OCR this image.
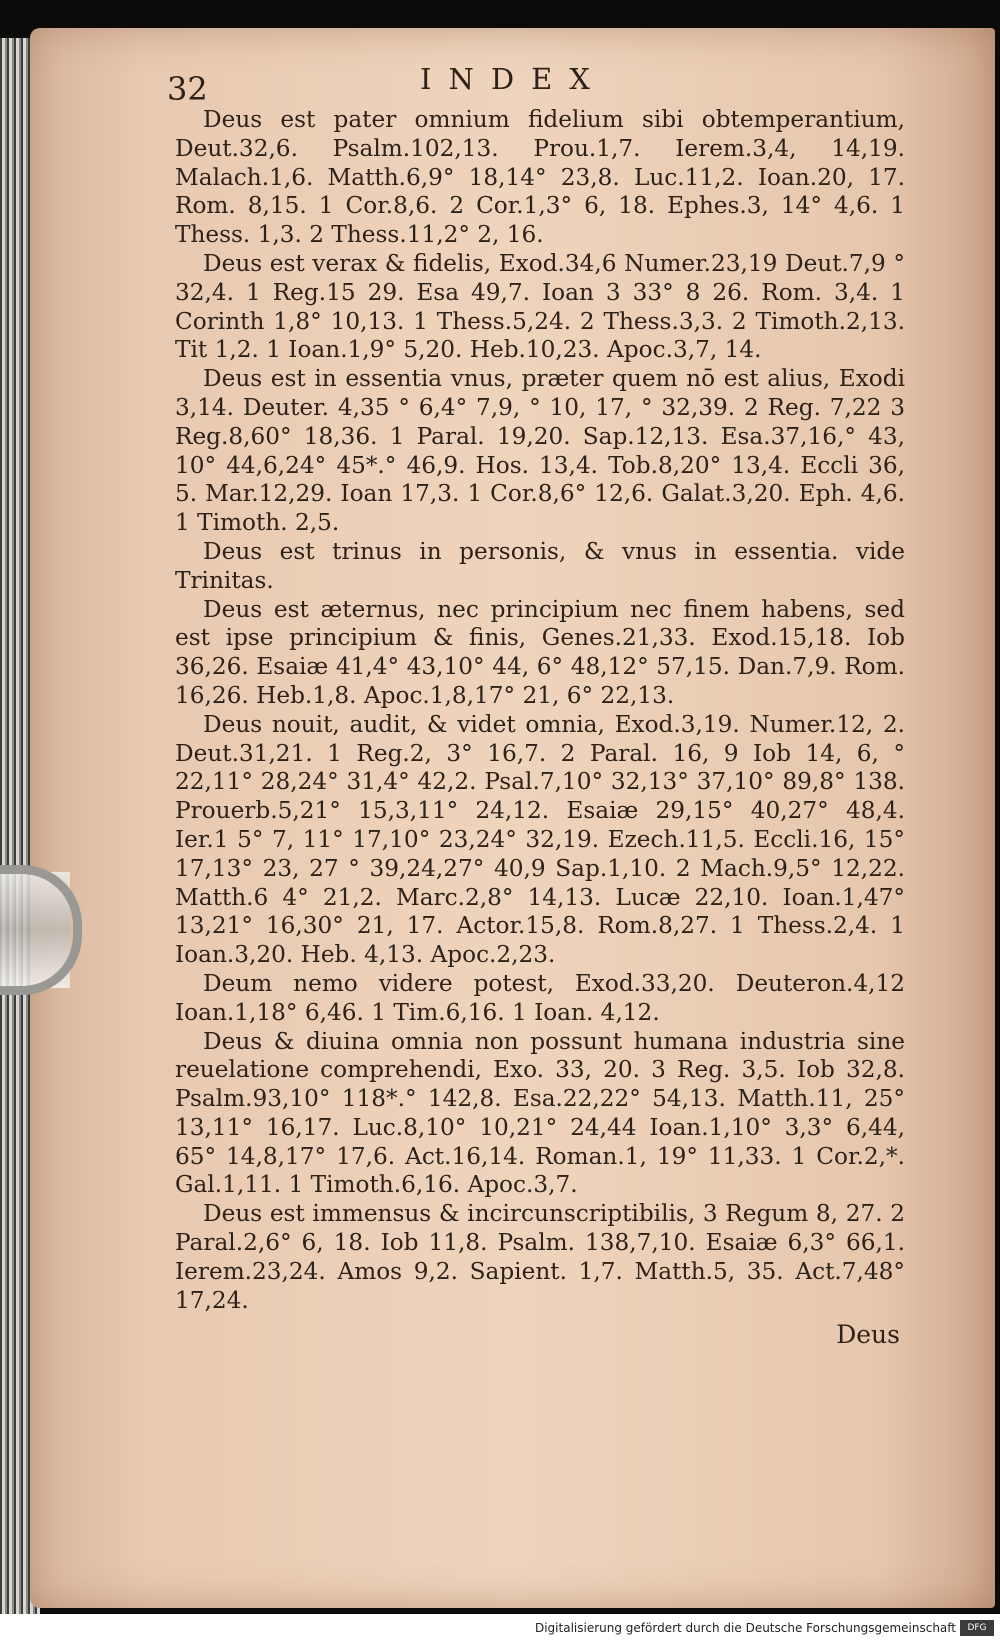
32	INDEX

Deus est pater omnium fidelium sibi obtemperantium, Deut.32,6. Psalm.102,13. Prou.1,7. Ierem.3,4, 14,19. Malach.1,6. Matth.6,9° 18,14° 23,8. Luc.11,2. Ioan.20, 17. Rom. 8,15. 1 Cor.8,6. 2 Cor.1,3° 6, 18. Ephes.3, 14° 4,6. 1 Thess. 1,3. 2 Thess.11,2° 2, 16.

Deus est verax & fidelis, Exod.34,6 Numer.23,19 Deut.7,9 ° 32,4. 1 Reg.15 29. Esa 49,7. Ioan 3 33° 8 26. Rom. 3,4. 1 Corinth 1,8° 10,13. 1 Thess.5,24. 2 Thess.3,3. 2 Timoth.2,13. Tit 1,2. 1 Ioan.1,9° 5,20. Heb.10,23. Apoc.3,7, 14.

Deus est in essentia vnus, præter quem nō est alius, Exodi 3,14. Deuter. 4,35 ° 6,4° 7,9, ° 10, 17, ° 32,39. 2 Reg. 7,22 3 Reg.8,60° 18,36. 1 Paral. 19,20. Sap.12,13. Esa.37,16,° 43, 10° 44,6,24° 45*.° 46,9. Hos. 13,4. Tob.8,20° 13,4. Eccli 36, 5. Mar.12,29. Ioan 17,3. 1 Cor.8,6° 12,6. Galat.3,20. Eph. 4,6. 1 Timoth. 2,5.

Deus est trinus in personis, & vnus in essentia. vide Trinitas.

Deus est æternus, nec principium nec finem habens, sed est ipse principium & finis, Genes.21,33. Exod.15,18. Iob 36,26. Esaiæ 41,4° 43,10° 44, 6° 48,12° 57,15. Dan.7,9. Rom. 16,26. Heb.1,8. Apoc.1,8,17° 21, 6° 22,13.

Deus nouit, audit, & videt omnia, Exod.3,19. Numer.12, 2. Deut.31,21. 1 Reg.2, 3° 16,7. 2 Paral. 16, 9 Iob 14, 6, ° 22,11° 28,24° 31,4° 42,2. Psal.7,10° 32,13° 37,10° 89,8° 138. Prouerb.5,21° 15,3,11° 24,12. Esaiæ 29,15° 40,27° 48,4. Ier.1 5° 7, 11° 17,10° 23,24° 32,19. Ezech.11,5. Eccli.16, 15° 17,13° 23, 27 ° 39,24,27° 40,9 Sap.1,10. 2 Mach.9,5° 12,22. Matth.6 4° 21,2. Marc.2,8° 14,13. Lucæ 22,10. Ioan.1,47° 13,21° 16,30° 21, 17. Actor.15,8. Rom.8,27. 1 Thess.2,4. 1 Ioan.3,20. Heb. 4,13. Apoc.2,23.

Deum nemo videre potest, Exod.33,20. Deuteron.4,12 Ioan.1,18° 6,46. 1 Tim.6,16. 1 Ioan. 4,12.

Deus & diuina omnia non possunt humana industria sine reuelatione comprehendi, Exo. 33, 20. 3 Reg. 3,5. Iob 32,8. Psalm.93,10° 118*.° 142,8. Esa.22,22° 54,13. Matth.11, 25° 13,11° 16,17. Luc.8,10° 10,21° 24,44 Ioan.1,10° 3,3° 6,44, 65° 14,8,17° 17,6. Act.16,14. Roman.1, 19° 11,33. 1 Cor.2,*. Gal.1,11. 1 Timoth.6,16. Apoc.3,7.

Deus est immensus & incircunscriptibilis, 3 Regum 8, 27. 2 Paral.2,6° 6, 18. Iob 11,8. Psalm. 138,7,10. Esaiæ 6,3° 66,1. Ierem.23,24. Amos 9,2. Sapient. 1,7. Matth.5, 35. Act.7,48° 17,24.

Deus
Digitalisierung gefördert durch die Deutsche Forschungsgemeinschaft	DFG
